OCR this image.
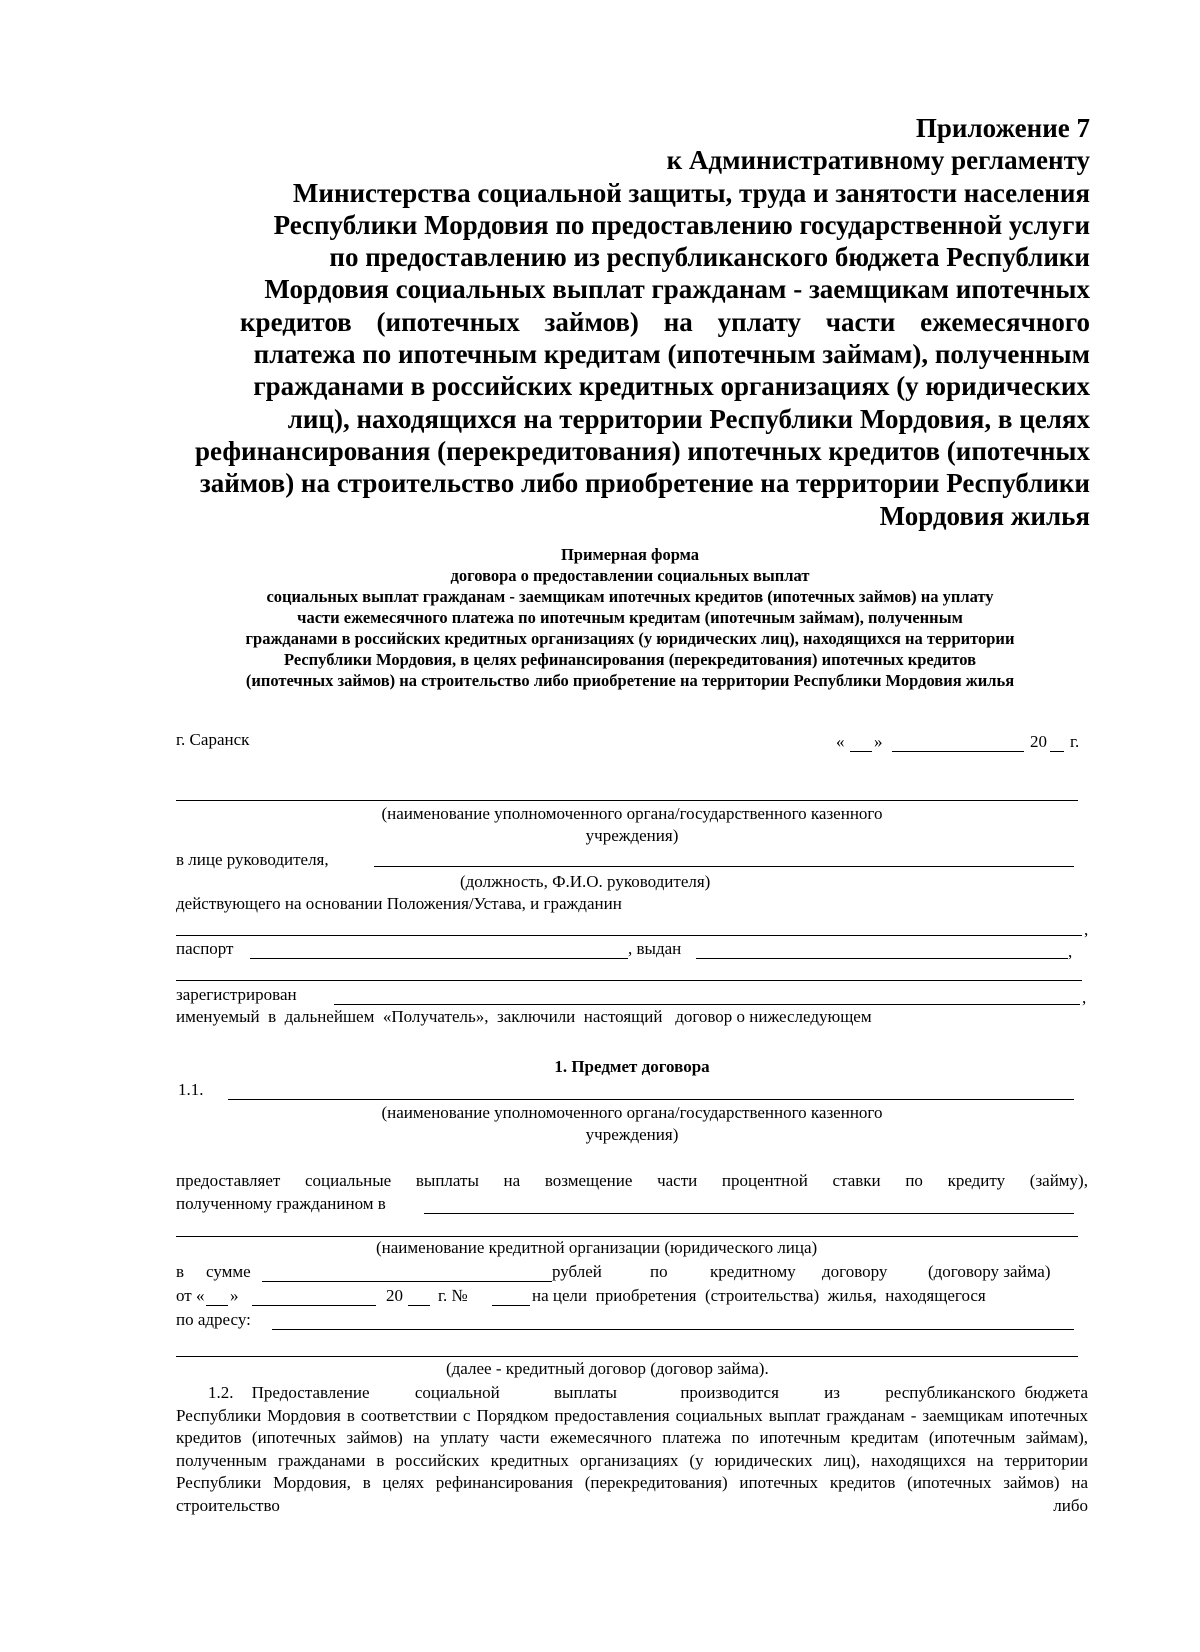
Приложение 7
к Административному регламенту
Министерства социальной защиты, труда и занятости населения
Республики Мордовия по предоставлению государственной услуги
по предоставлению из республиканского бюджета Республики
Мордовия социальных выплат гражданам - заемщикам ипотечных
кредитов (ипотечных займов) на уплату части ежемесячного
платежа по ипотечным кредитам (ипотечным займам), полученным
гражданами в российских кредитных организациях (у юридических
лиц), находящихся на территории Республики Мордовия, в целях
рефинансирования (перекредитования) ипотечных кредитов (ипотечных
займов) на строительство либо приобретение на территории Республики
Мордовия жилья
Примерная форма
договора о предоставлении социальных выплат
социальных выплат гражданам - заемщикам ипотечных кредитов (ипотечных займов) на уплату
части ежемесячного платежа по ипотечным кредитам (ипотечным займам), полученным
гражданами в российских кредитных организациях (у юридических лиц), находящихся на территории
Республики Мордовия, в целях рефинансирования (перекредитования) ипотечных кредитов
(ипотечных займов) на строительство либо приобретение на территории Республики Мордовия жилья
г. Саранск	« »	20 г.
(наименование уполномоченного органа/государственного казенного
учреждения)
в лице руководителя,
(должность, Ф.И.О. руководителя)
действующего на основании Положения/Устава, и гражданин
,
паспорт	, выдан	,
зарегистрирован	,
именуемый  в  дальнейшем  «Получатель»,  заключили  настоящий   договор о нижеследующем
1. Предмет договора
1.1.
(наименование уполномоченного органа/государственного казенного
учреждения)
предоставляет социальные выплаты на возмещение части процентной ставки по кредиту (займу),
полученному гражданином в
(наименование кредитной организации (юридического лица)
в сумме	рублей	по кредитному договору (договору займа)
от « »	20 г. №	на цели  приобретения  (строительства)  жилья,  находящегося
по адресу:
(далее - кредитный договор (договор займа).
1.2.  Предоставление     социальной      выплаты       производится     из     республиканского бюджета
Республики Мордовия в соответствии с Порядком предоставления социальных выплат гражданам - заемщикам ипотечных кредитов (ипотечных займов) на уплату части ежемесячного платежа по ипотечным кредитам (ипотечным займам), полученным гражданами в российских кредитных организациях (у юридических лиц), находящихся на территории Республики Мордовия, в целях рефинансирования (перекредитования) ипотечных кредитов (ипотечных займов) на строительство либо
